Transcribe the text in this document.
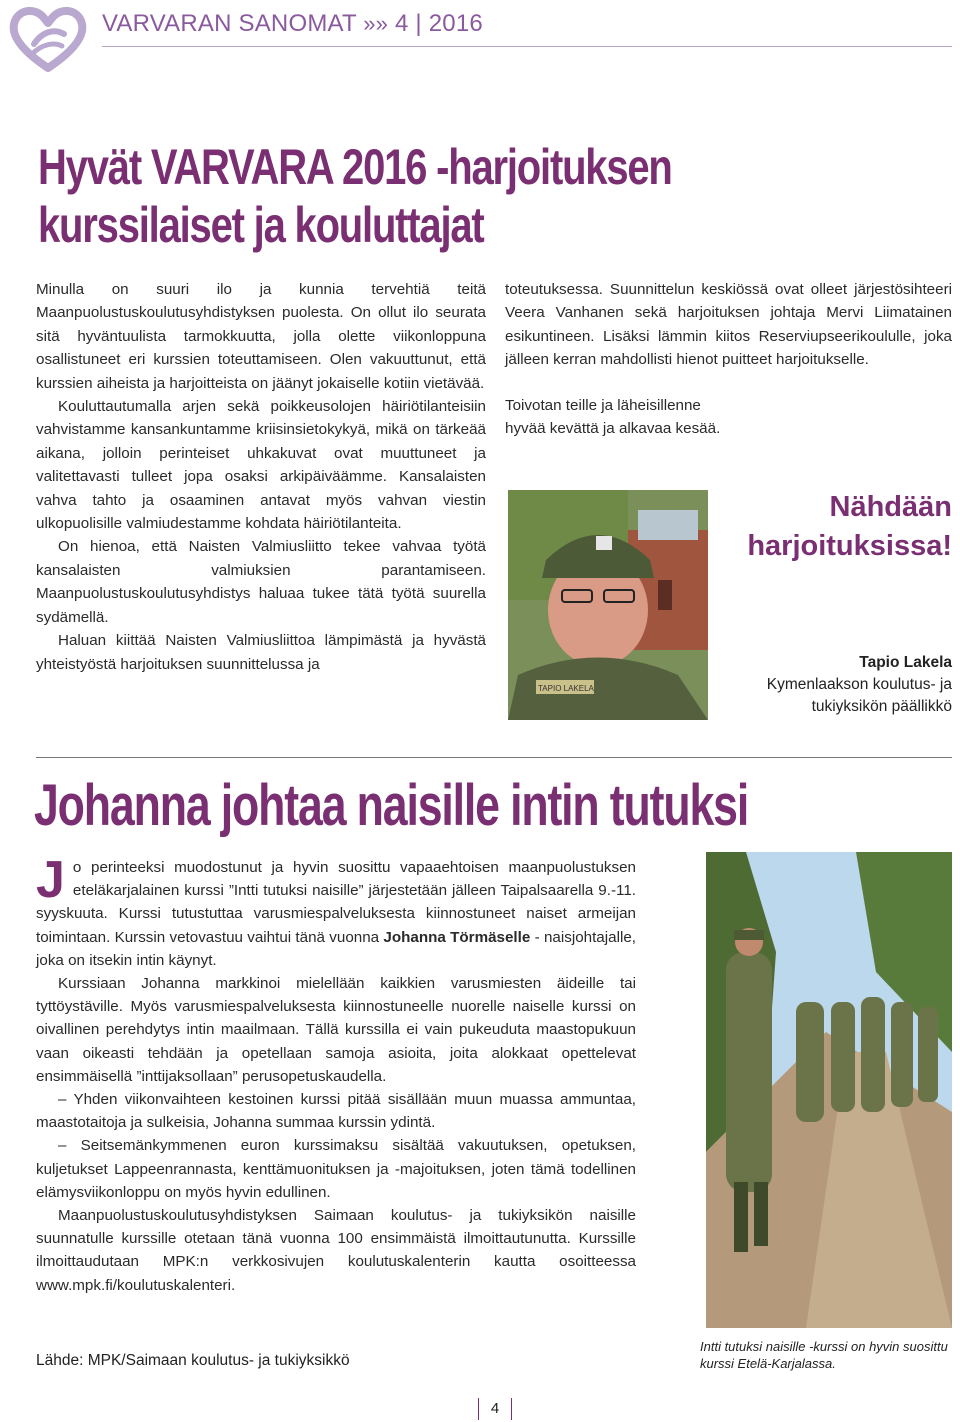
VARVARAN SANOMAT »» 4 | 2016
Hyvät VARVARA 2016 -harjoituksen
kurssilaiset ja kouluttajat

Minulla on suuri ilo ja kunnia tervehtiä teitä Maanpuolustuskoulutusyhdistyksen puolesta. On ollut ilo seurata sitä hyväntuulista tarmokkuutta, jolla olette viikonloppuna osallistuneet eri kurssien toteuttamiseen. Olen vakuuttunut, että kurssien aiheista ja harjoitteista on jäänyt jokaiselle kotiin vietävää.

Kouluttautumalla arjen sekä poikkeusolojen häiriötilanteisiin vahvistamme kansankuntamme kriisinsietokykyä, mikä on tärkeää aikana, jolloin perinteiset uhkakuvat ovat muuttuneet ja valitettavasti tulleet jopa osaksi arkipäiväämme. Kansalaisten vahva tahto ja osaaminen antavat myös vahvan viestin ulkopuolisille valmiudestamme kohdata häiriötilanteita.

On hienoa, että Naisten Valmiusliitto tekee vahvaa työtä kansalaisten valmiuksien parantamiseen. Maanpuolustuskoulutusyhdistys haluaa tukee tätä työtä suurella sydämellä.

Haluan kiittää Naisten Valmiusliittoa lämpimästä ja hyvästä yhteistyöstä harjoituksen suunnittelussa ja

toteutuksessa. Suunnittelun keskiössä ovat olleet järjestösihteeri Veera Vanhanen sekä harjoituksen johtaja Mervi Liimatainen esikuntineen. Lisäksi lämmin kiitos Reserviupseerikoululle, joka jälleen kerran mahdollisti hienot puitteet harjoitukselle.

Toivotan teille ja läheisillenne
hyvää kevättä ja alkavaa kesää.

TAPIO LAKELA
Nähdään
harjoituksissa!
Tapio Lakela
Kymenlaakson koulutus- ja
tukiyksikön päällikkö
Johanna johtaa naisille intin tutuksi

Jo perinteeksi muodostunut ja hyvin suosittu vapaaehtoisen maanpuolustuksen eteläkarjalainen kurssi ”Intti tutuksi naisille” järjestetään jälleen Taipalsaarella 9.-11. syyskuuta. Kurssi tutustuttaa varusmiespalveluksesta kiinnostuneet naiset armeijan toimintaan. Kurssin vetovastuu vaihtui tänä vuonna Johanna Törmäselle - naisjohtajalle, joka on itsekin intin käynyt.

Kurssiaan Johanna markkinoi mielellään kaikkien varusmiesten äideille tai tyttöystäville. Myös varusmiespalveluksesta kiinnostuneelle nuorelle naiselle kurssi on oivallinen perehdytys intin maailmaan. Tällä kurssilla ei vain pukeuduta maastopukuun vaan oikeasti tehdään ja opetellaan samoja asioita, joita alokkaat opettelevat ensimmäisellä ”inttijaksollaan” perusopetuskaudella.

– Yhden viikonvaihteen kestoinen kurssi pitää sisällään muun muassa ammuntaa, maastotaitoja ja sulkeisia, Johanna summaa kurssin ydintä.

– Seitsemänkymmenen euron kurssimaksu sisältää vakuutuksen, opetuksen, kuljetukset Lappeenrannasta, kenttämuonituksen ja -majoituksen, joten tämä todellinen elämysviikonloppu on myös hyvin edullinen.

Maanpuolustuskoulutusyhdistyksen Saimaan koulutus- ja tukiyksikön naisille suunnatulle kurssille otetaan tänä vuonna 100 ensimmäistä ilmoittautunutta. Kurssille ilmoittaudutaan MPK:n verkkosivujen koulutuskalenterin kautta osoitteessa www.mpk.fi/koulutuskalenteri.

Lähde: MPK/Saimaan koulutus- ja tukiyksikkö
Intti tutuksi naisille -kurssi on hyvin suosittu kurssi Etelä-Karjalassa.
4
